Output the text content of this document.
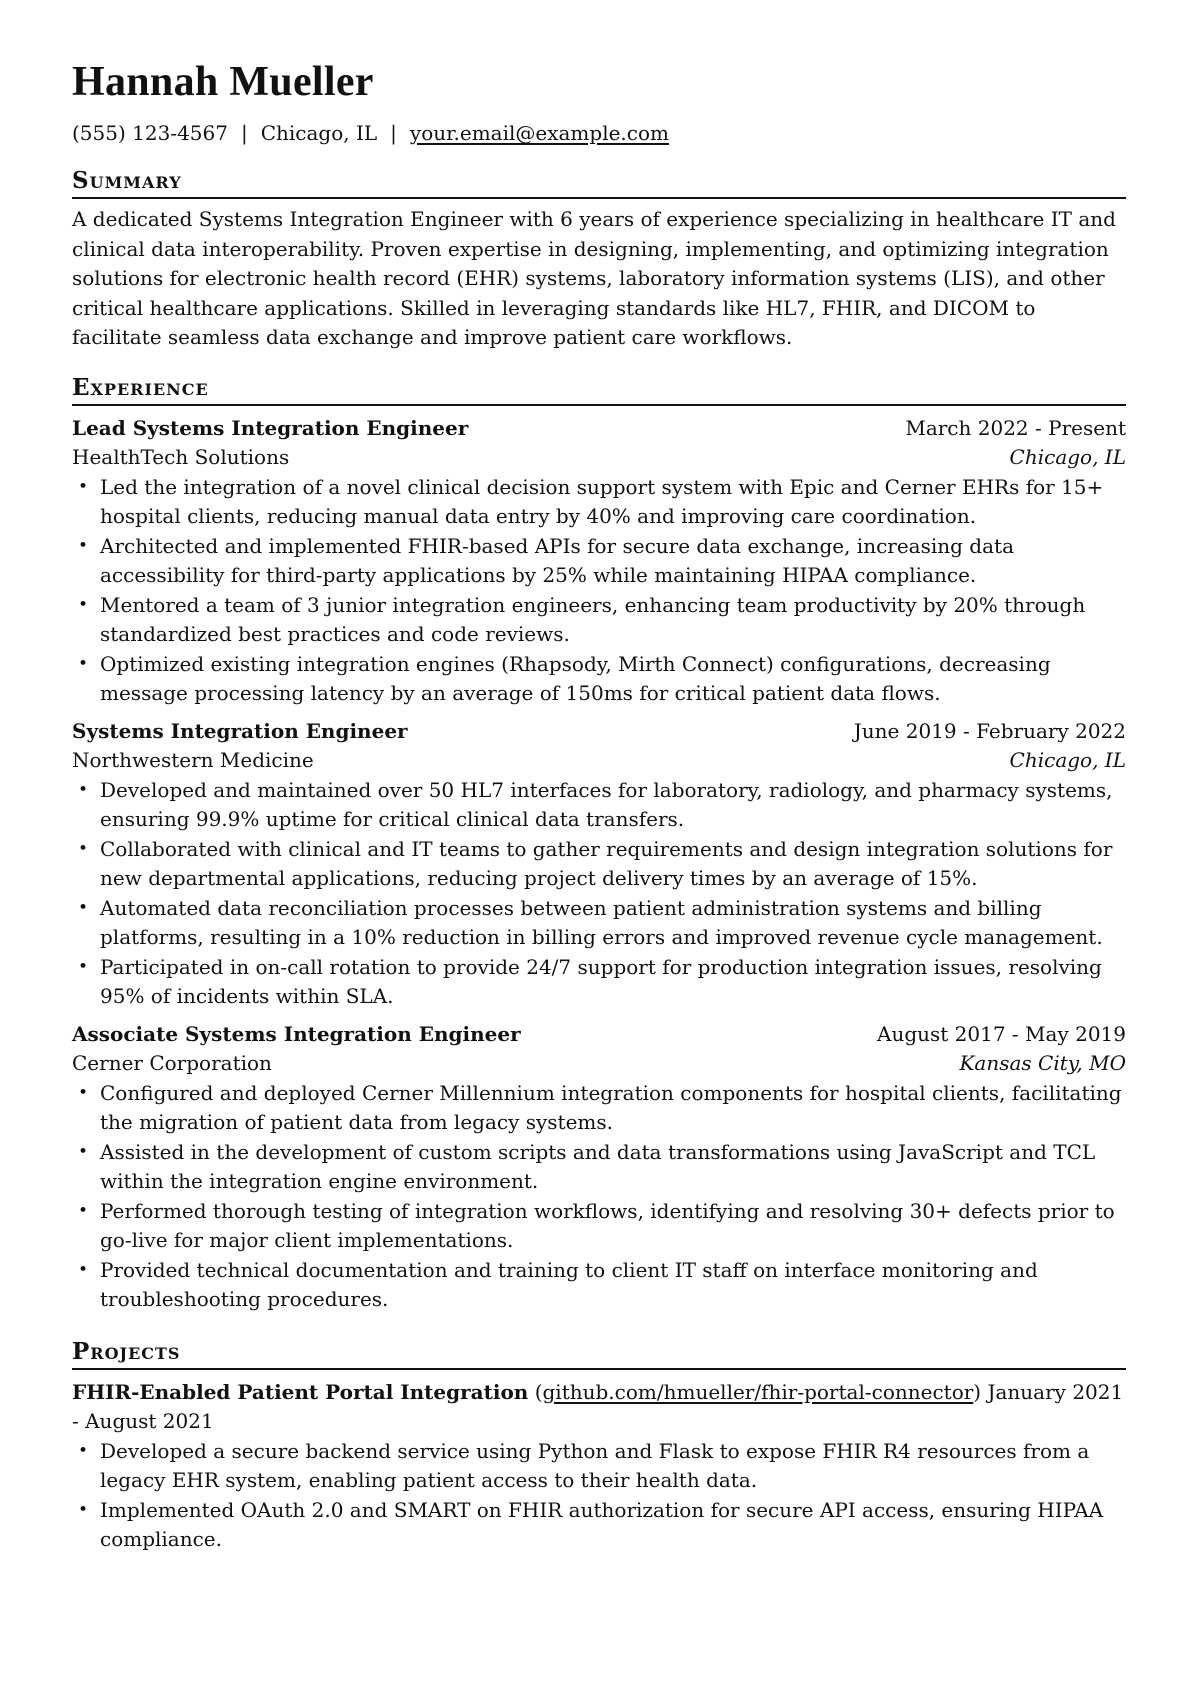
Hannah Mueller
(555) 123-4567 | Chicago, IL | your.email@example.com
Summary

A dedicated Systems Integration Engineer with 6 years of experience specializing in healthcare IT and clinical data interoperability. Proven expertise in designing, implementing, and optimizing integration solutions for electronic health record (EHR) systems, laboratory information systems (LIS), and other critical healthcare applications. Skilled in leveraging standards like HL7, FHIR, and DICOM to facilitate seamless data exchange and improve patient care workflows.

Experience
Lead Systems Integration Engineer	March 2022 - Present
HealthTech Solutions	Chicago, IL
• Led the integration of a novel clinical decision support system with Epic and Cerner EHRs for 15+ hospital clients, reducing manual data entry by 40% and improving care coordination.
• Architected and implemented FHIR-based APIs for secure data exchange, increasing data accessibility for third-party applications by 25% while maintaining HIPAA compliance.
• Mentored a team of 3 junior integration engineers, enhancing team productivity by 20% through standardized best practices and code reviews.
• Optimized existing integration engines (Rhapsody, Mirth Connect) configurations, decreasing message processing latency by an average of 150ms for critical patient data flows.
Systems Integration Engineer	June 2019 - February 2022
Northwestern Medicine	Chicago, IL
• Developed and maintained over 50 HL7 interfaces for laboratory, radiology, and pharmacy systems, ensuring 99.9% uptime for critical clinical data transfers.
• Collaborated with clinical and IT teams to gather requirements and design integration solutions for new departmental applications, reducing project delivery times by an average of 15%.
• Automated data reconciliation processes between patient administration systems and billing platforms, resulting in a 10% reduction in billing errors and improved revenue cycle management.
• Participated in on-call rotation to provide 24/7 support for production integration issues, resolving 95% of incidents within SLA.
Associate Systems Integration Engineer	August 2017 - May 2019
Cerner Corporation	Kansas City, MO
• Configured and deployed Cerner Millennium integration components for hospital clients, facilitating the migration of patient data from legacy systems.
• Assisted in the development of custom scripts and data transformations using JavaScript and TCL within the integration engine environment.
• Performed thorough testing of integration workflows, identifying and resolving 30+ defects prior to go-live for major client implementations.
• Provided technical documentation and training to client IT staff on interface monitoring and troubleshooting procedures.
Projects
FHIR-Enabled Patient Portal Integration (github.com/hmueller/fhir-portal-connector) January 2021 - August 2021
• Developed a secure backend service using Python and Flask to expose FHIR R4 resources from a legacy EHR system, enabling patient access to their health data.
• Implemented OAuth 2.0 and SMART on FHIR authorization for secure API access, ensuring HIPAA compliance.
